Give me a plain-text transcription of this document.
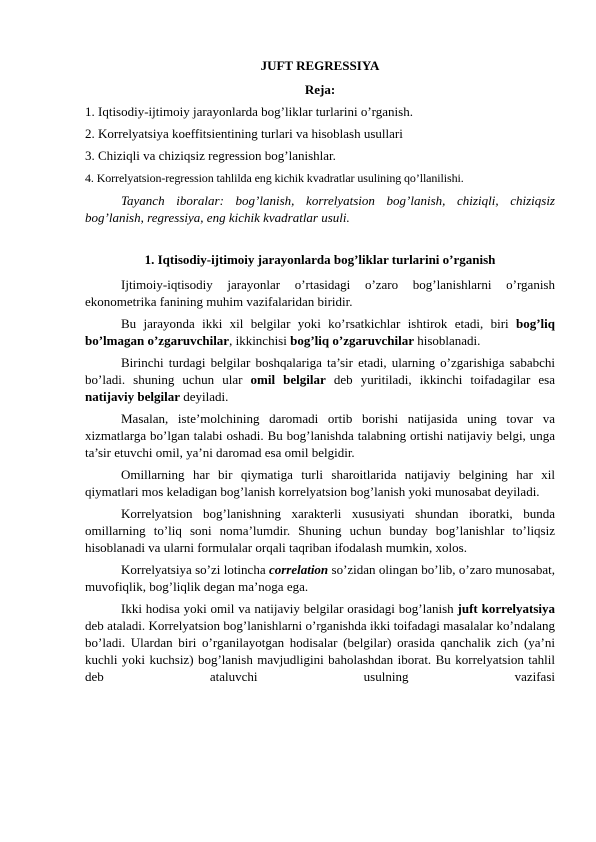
JUFT REGRESSIYA

Reja:

1. Iqtisodiy-ijtimoiy jarayonlarda bog’liklar turlarini o’rganish.

2. Korrelyatsiya koeffitsientining turlari va hisoblash usullari

3. Chiziqli va chiziqsiz regression bog’lanishlar.

4. Korrelyatsion-regression tahlilda eng kichik kvadratlar usulining qo’llanilishi.

Tayanch iboralar: bog’lanish, korrelyatsion bog’lanish, chiziqli, chiziqsiz bog’lanish, regressiya, eng kichik kvadratlar usuli.

1. Iqtisodiy-ijtimoiy jarayonlarda bog’liklar turlarini o’rganish

Ijtimoiy-iqtisodiy jarayonlar o’rtasidagi o’zaro bog’lanishlarni o’rganish ekonometrika fanining muhim vazifalaridan biridir.

Bu jarayonda ikki xil belgilar yoki ko’rsatkichlar ishtirok etadi, biri bog’liq bo’lmagan o’zgaruvchilar, ikkinchisi bog’liq o’zgaruvchilar hisoblanadi.

Birinchi turdagi belgilar boshqalariga ta’sir etadi, ularning o’zgarishiga sababchi bo’ladi. shuning uchun ular omil belgilar deb yuritiladi, ikkinchi toifadagilar esa natijaviy belgilar deyiladi.

Masalan, iste’molchining daromadi ortib borishi natijasida uning tovar va xizmatlarga bo’lgan talabi oshadi. Bu bog’lanishda talabning ortishi natijaviy belgi, unga ta’sir etuvchi omil, ya’ni daromad esa omil belgidir.

Omillarning har bir qiymatiga turli sharoitlarida natijaviy belgining har xil qiymatlari mos keladigan bog’lanish korrelyatsion bog’lanish yoki munosabat deyiladi.

Korrelyatsion bog’lanishning xarakterli xususiyati shundan iboratki, bunda omillarning to’liq soni noma’lumdir. Shuning uchun bunday bog’lanishlar to’liqsiz hisoblanadi va ularni formulalar orqali taqriban ifodalash mumkin, xolos.

Korrelyatsiya so’zi lotincha correlation so’zidan olingan bo’lib, o’zaro munosabat, muvofiqlik, bog’liqlik degan ma’noga ega.

Ikki hodisa yoki omil va natijaviy belgilar orasidagi bog’lanish juft korrelyatsiya deb ataladi. Korrelyatsion bog’lanishlarni o’rganishda ikki toifadagi masalalar ko’ndalang bo’ladi. Ulardan biri o’rganilayotgan hodisalar (belgilar) orasida qanchalik zich (ya’ni kuchli yoki kuchsiz) bog’lanish mavjudligini baholashdan iborat. Bu korrelyatsion tahlil deb ataluvchi usulning vazifasi
